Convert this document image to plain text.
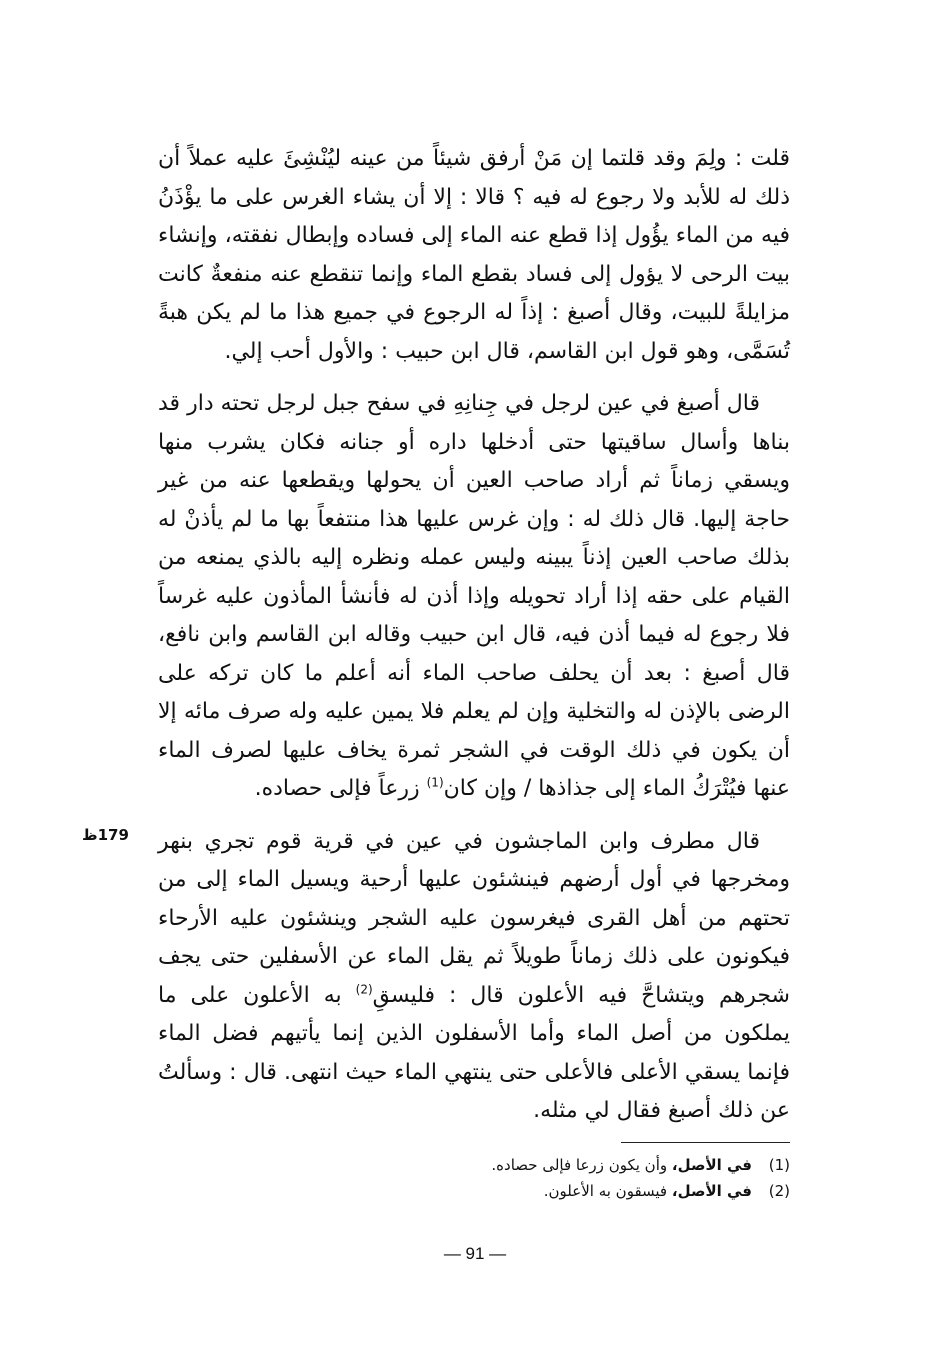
قلت : ولِمَ وقد قلتما إن مَنْ أرفق شيئاً من عينه ليُنْشِئَ عليه عملاً أن ذلك له للأبد ولا رجوع له فيه ؟ قالا : إلا أن يشاء الغرس على ما يؤْذَنُ فيه من الماء يؤُول إذا قطع عنه الماء إلى فساده وإبطال نفقته، وإنشاء بيت الرحى لا يؤول إلى فساد بقطع الماء وإنما تنقطع عنه منفعةٌ كانت مزايلةً للبيت، وقال أصبغ : إذاً له الرجوع في جميع هذا ما لم يكن هبةً تُسَمَّى، وهو قول ابن القاسم، قال ابن حبيب : والأول أحب إلي.

قال أصبغ في عين لرجل في جِنانِهِ في سفح جبل لرجل تحته دار قد بناها وأسال ساقيتها حتى أدخلها داره أو جنانه فكان يشرب منها ويسقي زماناً ثم أراد صاحب العين أن يحولها ويقطعها عنه من غير حاجة إليها. قال ذلك له : وإن غرس عليها هذا منتفعاً بها ما لم يأذنْ له بذلك صاحب العين إذناً يبينه وليس عمله ونظره إليه بالذي يمنعه من القيام على حقه إذا أراد تحويله وإذا أذن له فأنشأ المأذون عليه غرساً فلا رجوع له فيما أذن فيه، قال ابن حبيب وقاله ابن القاسم وابن نافع، قال أصبغ : بعد أن يحلف صاحب الماء أنه أعلم ما كان تركه على الرضى بالإذن له والتخلية وإن لم يعلم فلا يمين عليه وله صرف مائه إلا أن يكون في ذلك الوقت في الشجر ثمرة يخاف عليها لصرف الماء عنها فيُتْرَكُ الماء إلى جذاذها / وإن كان$^{(1)}$ زرعاً فإلى حصاده.

قال مطرف وابن الماجشون في عين في قرية قوم تجري بنهر ومخرجها في أول أرضهم فينشئون عليها أرحية ويسيل الماء إلى من تحتهم من أهل القرى فيغرسون عليه الشجر وينشئون عليه الأرحاء فيكونون على ذلك زماناً طويلاً ثم يقل الماء عن الأسفلين حتى يجف شجرهم ويتشاحَّ فيه الأعلون قال : فليسقِ$^{(2)}$ به الأعلون على ما يملكون من أصل الماء وأما الأسفلون الذين إنما يأتيهم فضل الماء فإنما يسقي الأعلى فالأعلى حتى ينتهي الماء حيث انتهى. قال : وسألتُ عن ذلك أصبغ فقال لي مثله.

179ظ

(1)في الأصل، وأن يكون زرعا فإلى حصاده.

(2)في الأصل، فيسقون به الأعلون.

— 91 —
